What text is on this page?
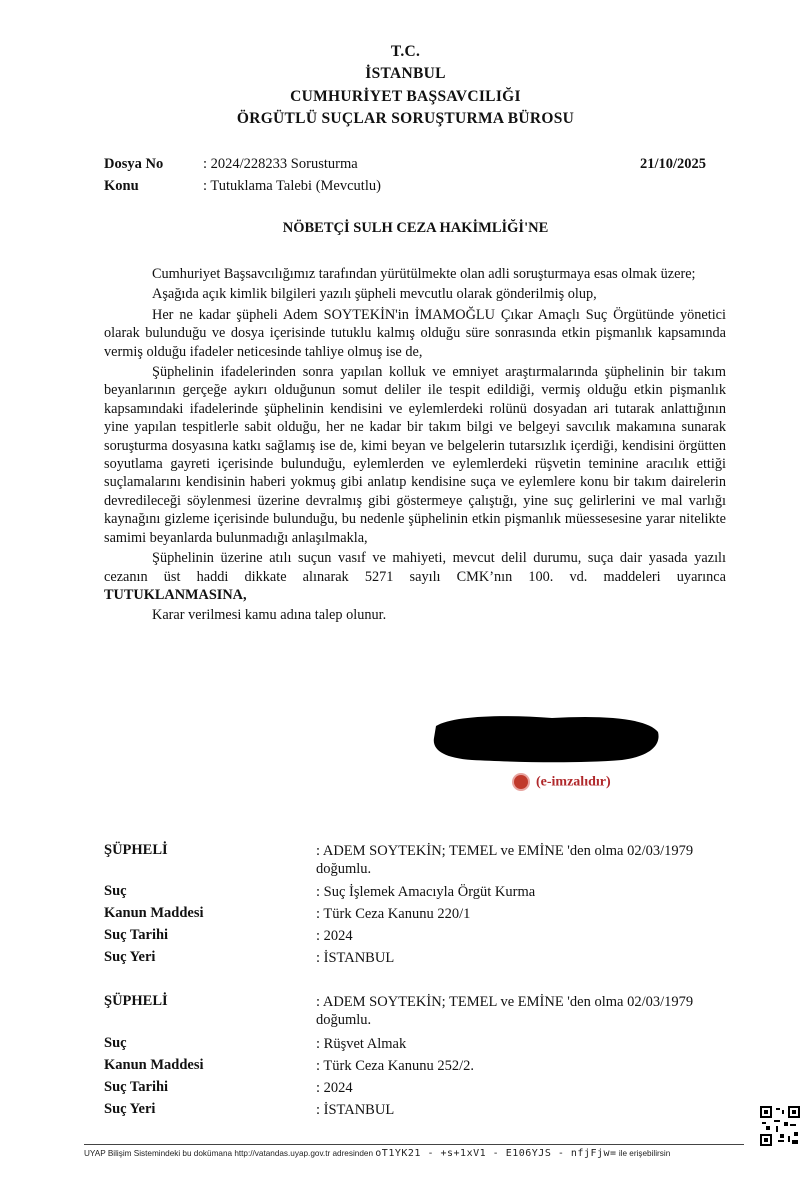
T.C.
İSTANBUL
CUMHURİYET BAŞSAVCILIĞI
ÖRGÜTLÜ SUÇLAR SORUŞTURMA BÜROSU
Dosya No	: 2024/228233 Sorusturma	21/10/2025
Konu	: Tutuklama Talebi (Mevcutlu)
NÖBETÇİ SULH CEZA HAKİMLİĞİ'NE

Cumhuriyet Başsavcılığımız tarafından yürütülmekte olan adli soruşturmaya esas olmak üzere;

Aşağıda açık kimlik bilgileri yazılı şüpheli mevcutlu olarak gönderilmiş olup,

Her ne kadar şüpheli Adem SOYTEKİN'in İMAMOĞLU Çıkar Amaçlı Suç Örgütünde yönetici olarak bulunduğu ve dosya içerisinde tutuklu kalmış olduğu süre sonrasında etkin pişmanlık kapsamında vermiş olduğu ifadeler neticesinde tahliye olmuş ise de,

Şüphelinin ifadelerinden sonra yapılan kolluk ve emniyet araştırmalarında şüphelinin bir takım beyanlarının gerçeğe aykırı olduğunun somut deliler ile tespit edildiği, vermiş olduğu etkin pişmanlık kapsamındaki ifadelerinde şüphelinin kendisini ve eylemlerdeki rolünü dosyadan ari tutarak anlattığının yine yapılan tespitlerle sabit olduğu, her ne kadar bir takım bilgi ve belgeyi savcılık makamına sunarak soruşturma dosyasına katkı sağlamış ise de, kimi beyan ve belgelerin tutarsızlık içerdiği, kendisini örgütten soyutlama gayreti içerisinde bulunduğu, eylemlerden ve eylemlerdeki rüşvetin teminine aracılık ettiği suçlamalarını kendisinin haberi yokmuş gibi anlatıp kendisine suça ve eylemlere konu bir takım dairelerin devredileceği söylenmesi üzerine devralmış gibi göstermeye çalıştığı, yine suç gelirlerini ve mal varlığı kaynağını gizleme içerisinde bulunduğu, bu nedenle şüphelinin etkin pişmanlık müessesesine yarar nitelikte samimi beyanlarda bulunmadığı anlaşılmakla,

Şüphelinin üzerine atılı suçun vasıf ve mahiyeti, mevcut delil durumu, suça dair yasada yazılı cezanın üst haddi dikkate alınarak 5271 sayılı CMK’nın 100. vd. maddeleri uyarınca TUTUKLANMASINA,

Karar verilmesi kamu adına talep olunur.

(e-imzalıdır)
ŞÜPHELİ	: ADEM SOYTEKİN; TEMEL ve EMİNE 'den olma 02/03/1979 doğumlu.
Suç	: Suç İşlemek Amacıyla Örgüt Kurma
Kanun Maddesi	: Türk Ceza Kanunu 220/1
Suç Tarihi	: 2024
Suç Yeri	: İSTANBUL
ŞÜPHELİ	: ADEM SOYTEKİN; TEMEL ve EMİNE 'den olma 02/03/1979 doğumlu.
Suç	: Rüşvet Almak
Kanun Maddesi	: Türk Ceza Kanunu 252/2.
Suç Tarihi	: 2024
Suç Yeri	: İSTANBUL
UYAP Bilişim Sistemindeki bu dokümana http://vatandas.uyap.gov.tr adresinden oT1YK21 - +s+1xV1 - E106YJS - nfjFjw= ile erişebilirsin
